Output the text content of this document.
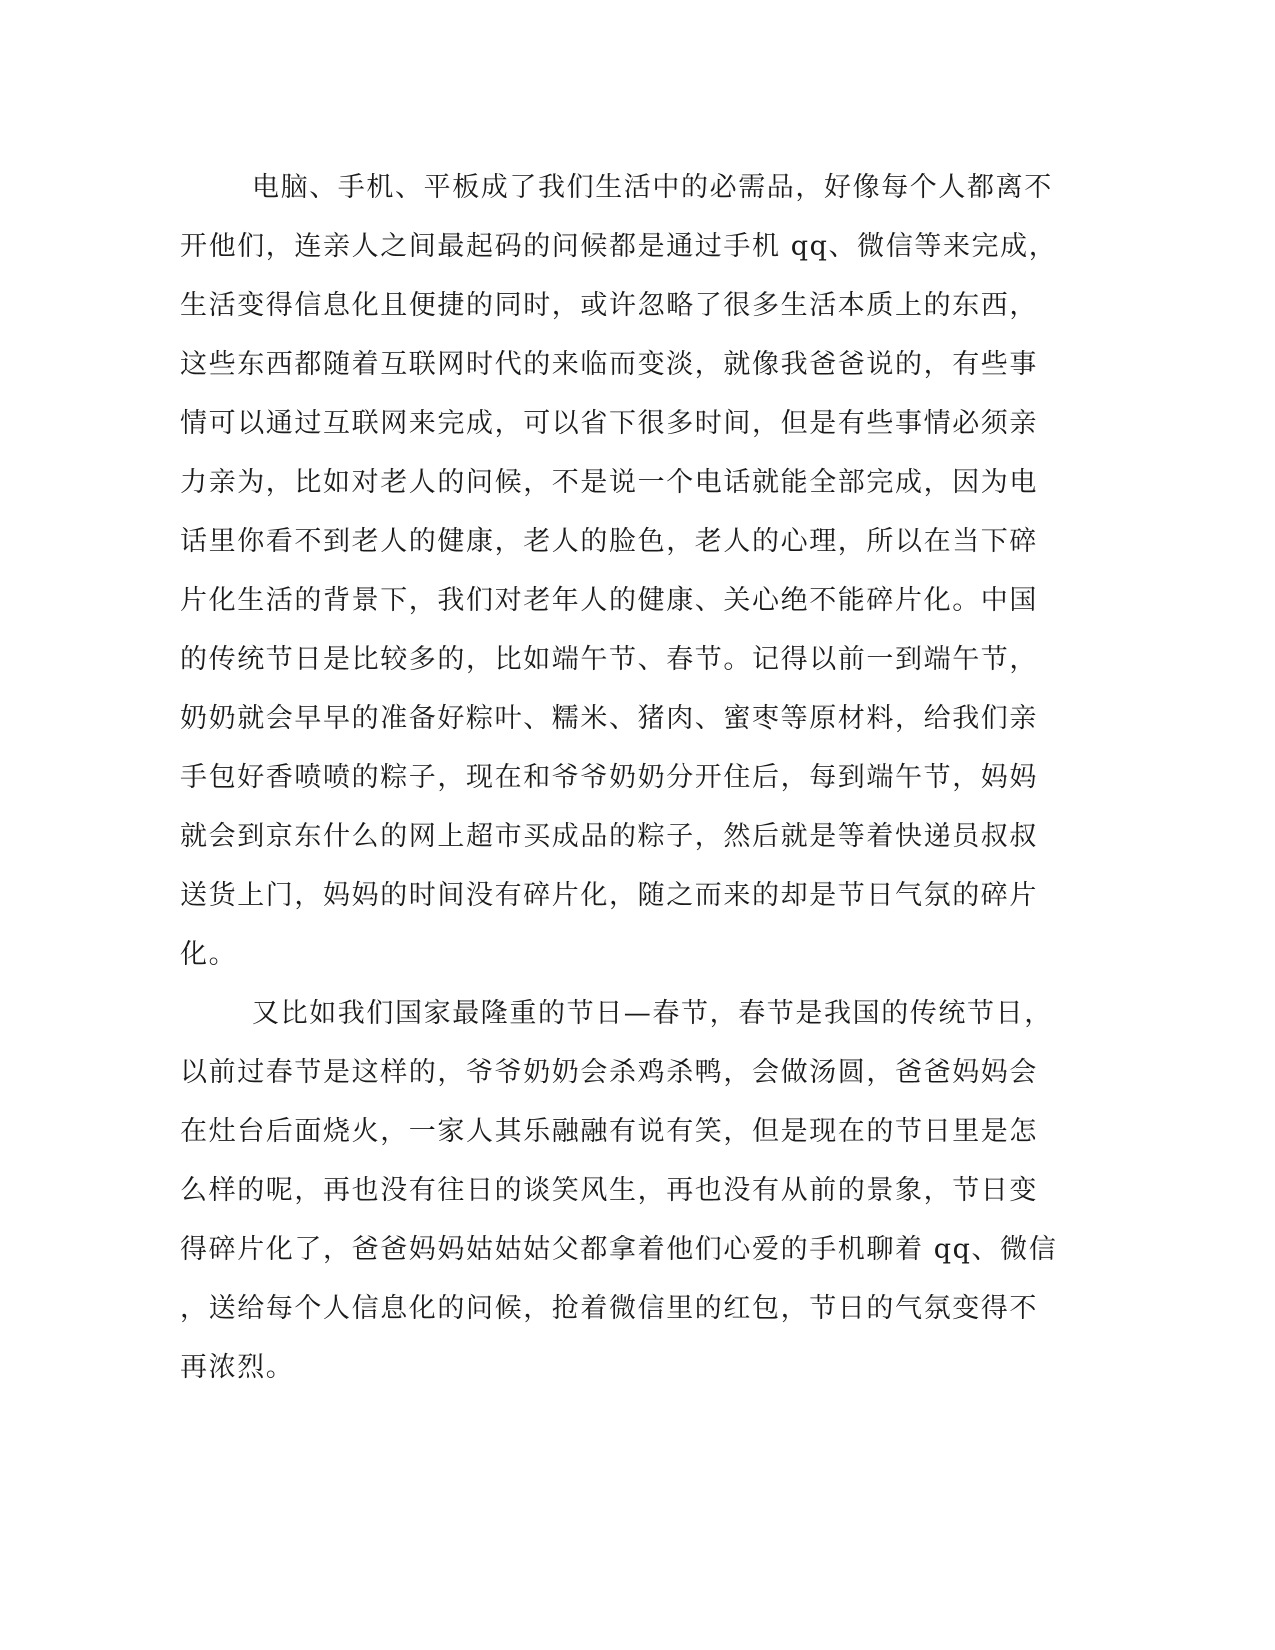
电脑、手机、平板成了我们生活中的必需品，好像每个人都离不
开他们，连亲人之间最起码的问候都是通过手机 qq、微信等来完成，
生活变得信息化且便捷的同时，或许忽略了很多生活本质上的东西，
这些东西都随着互联网时代的来临而变淡，就像我爸爸说的，有些事
情可以通过互联网来完成，可以省下很多时间，但是有些事情必须亲
力亲为，比如对老人的问候，不是说一个电话就能全部完成，因为电
话里你看不到老人的健康，老人的脸色，老人的心理，所以在当下碎
片化生活的背景下，我们对老年人的健康、关心绝不能碎片化。中国
的传统节日是比较多的，比如端午节、春节。记得以前一到端午节，
奶奶就会早早的准备好粽叶、糯米、猪肉、蜜枣等原材料，给我们亲
手包好香喷喷的粽子，现在和爷爷奶奶分开住后，每到端午节，妈妈
就会到京东什么的网上超市买成品的粽子，然后就是等着快递员叔叔
送货上门，妈妈的时间没有碎片化，随之而来的却是节日气氛的碎片
化。
又比如我们国家最隆重的节日—春节，春节是我国的传统节日，
以前过春节是这样的，爷爷奶奶会杀鸡杀鸭，会做汤圆，爸爸妈妈会
在灶台后面烧火，一家人其乐融融有说有笑，但是现在的节日里是怎
么样的呢，再也没有往日的谈笑风生，再也没有从前的景象，节日变
得碎片化了，爸爸妈妈姑姑姑父都拿着他们心爱的手机聊着 qq、微信
，送给每个人信息化的问候，抢着微信里的红包，节日的气氛变得不
再浓烈。
